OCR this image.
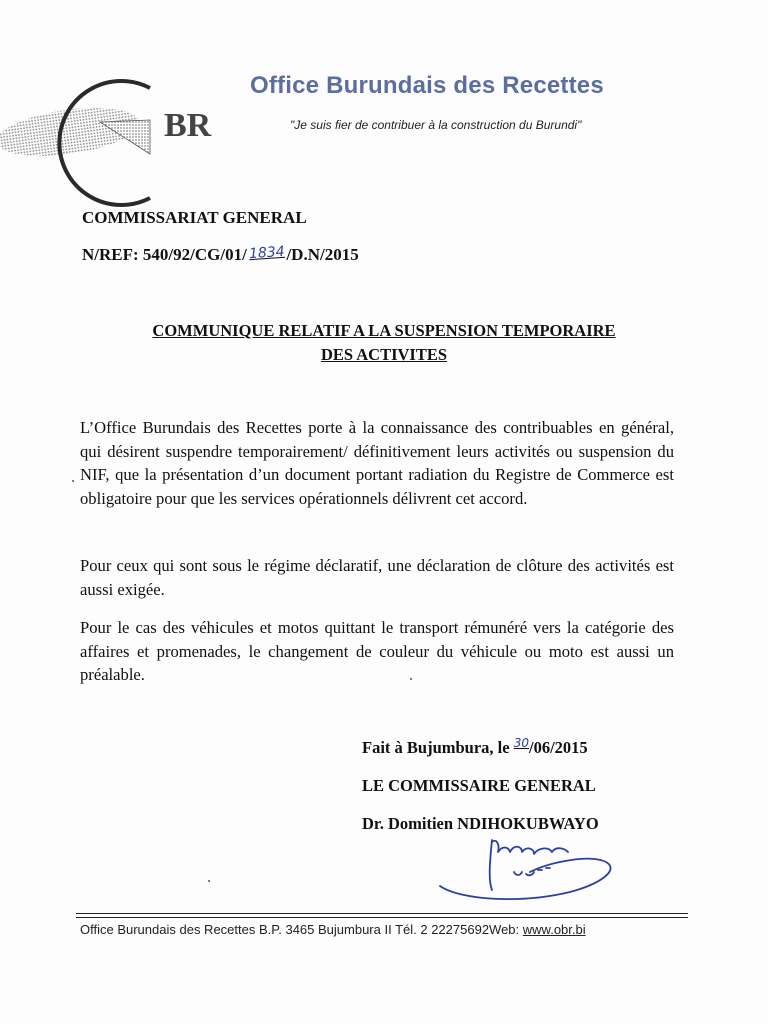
BR
Office Burundais des Recettes
"Je suis fier de contribuer à la construction du Burundi"
COMMISSARIAT GENERAL
N/REF: 540/92/CG/01/1834/D.N/2015
COMMUNIQUE RELATIF A LA SUSPENSION TEMPORAIRE
DES ACTIVITES
L’Office Burundais des Recettes porte à la connaissance des contribuables en général, qui désirent suspendre temporairement/ définitivement leurs activités ou suspension du NIF, que la présentation d’un document portant radiation du Registre de Commerce est obligatoire pour que les services opérationnels délivrent cet accord.
Pour ceux qui sont sous le régime déclaratif, une déclaration de clôture des activités est aussi exigée.
Pour le cas des véhicules et motos quittant le transport rémunéré vers la catégorie des affaires et promenades, le changement de couleur du véhicule ou moto est aussi un préalable.
Fait à Bujumbura, le 30/06/2015
LE COMMISSAIRE GENERAL
Dr. Domitien NDIHOKUBWAYO
Office Burundais des Recettes B.P. 3465 Bujumbura II Tél. 2 22275692Web: www.obr.bi
